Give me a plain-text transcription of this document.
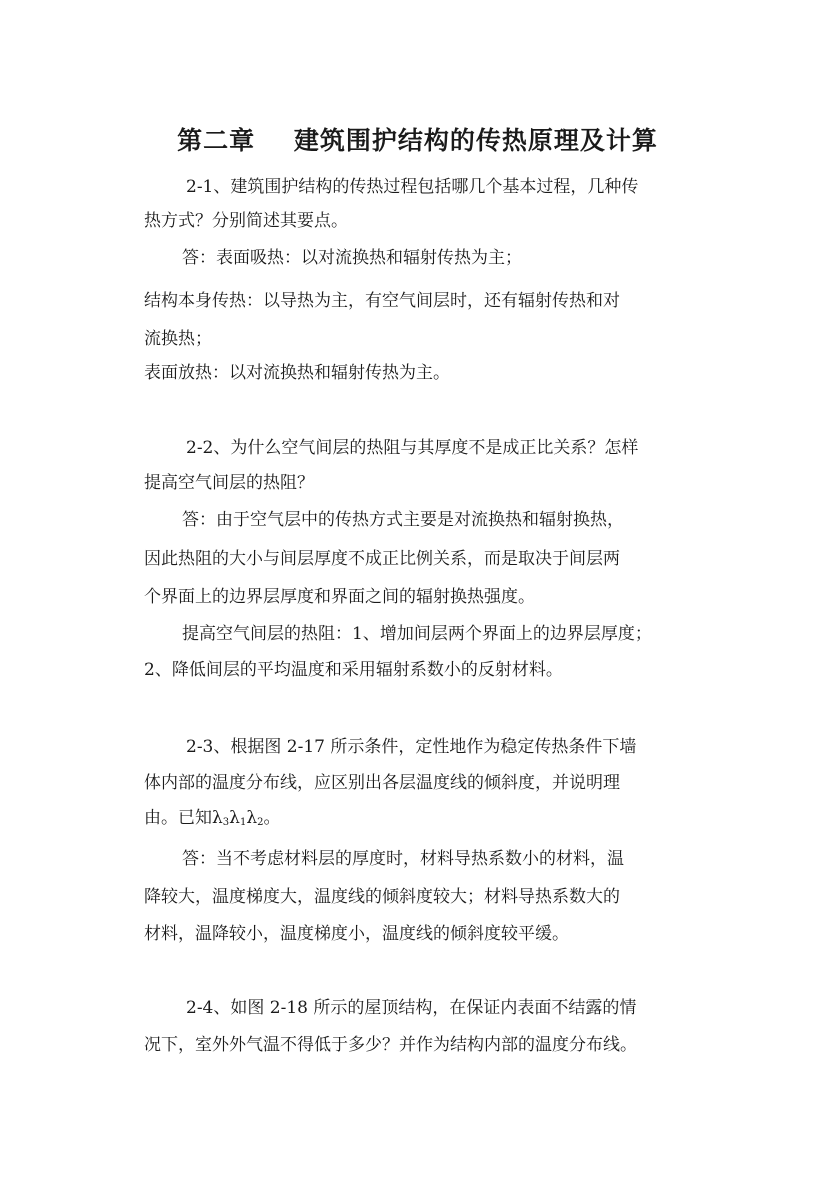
第二章    建筑围护结构的传热原理及计算

2-1、建筑围护结构的传热过程包括哪几个基本过程，几种传

热方式？分别简述其要点。

答：表面吸热：以对流换热和辐射传热为主；

结构本身传热：以导热为主，有空气间层时，还有辐射传热和对

流换热；

表面放热：以对流换热和辐射传热为主。

2-2、为什么空气间层的热阻与其厚度不是成正比关系？怎样

提高空气间层的热阻？

答：由于空气层中的传热方式主要是对流换热和辐射换热，

因此热阻的大小与间层厚度不成正比例关系，而是取决于间层两

个界面上的边界层厚度和界面之间的辐射换热强度。

提高空气间层的热阻：1、增加间层两个界面上的边界层厚度；

2、降低间层的平均温度和采用辐射系数小的反射材料。

2-3、根据图 2-17 所示条件，定性地作为稳定传热条件下墙

体内部的温度分布线，应区别出各层温度线的倾斜度，并说明理

由。已知$\lambda_3\lambda_1\lambda_2$。

答：当不考虑材料层的厚度时，材料导热系数小的材料，温

降较大，温度梯度大，温度线的倾斜度较大；材料导热系数大的

材料，温降较小，温度梯度小，温度线的倾斜度较平缓。

2-4、如图 2-18 所示的屋顶结构，在保证内表面不结露的情

况下，室外外气温不得低于多少？并作为结构内部的温度分布线。
